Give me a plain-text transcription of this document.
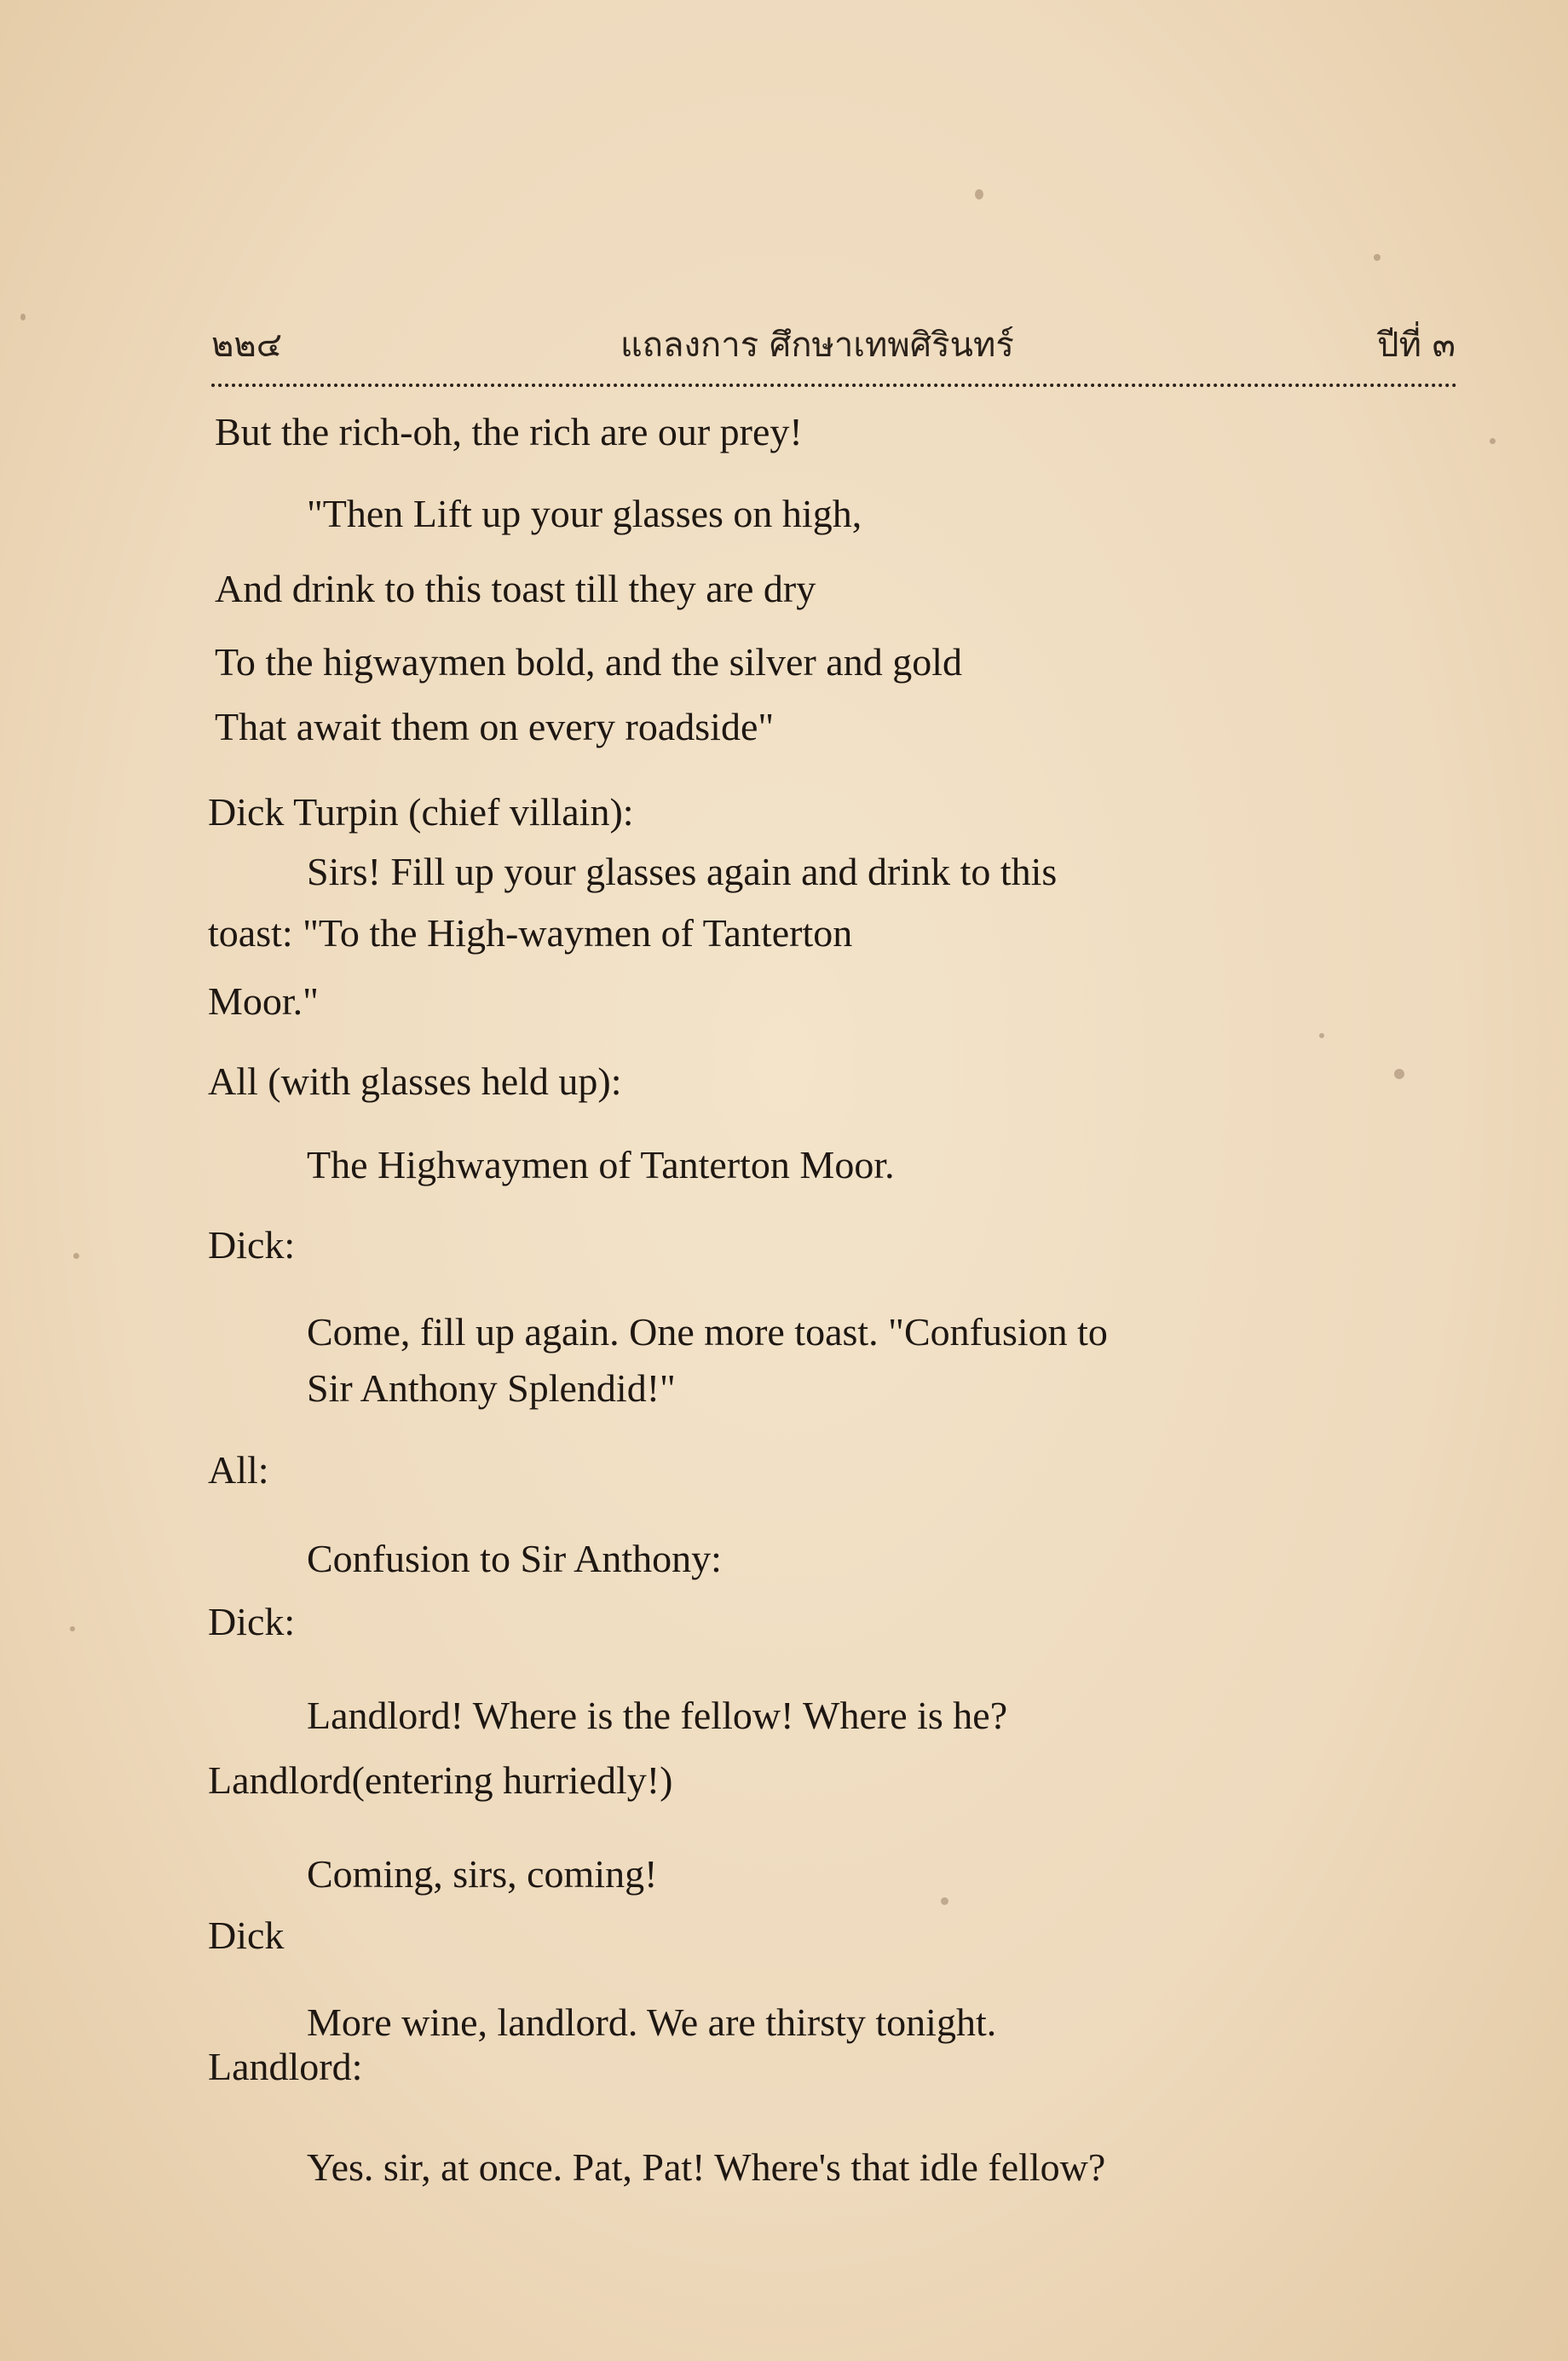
๒๒๔	แถลงการ ศึกษาเทพศิรินทร์	ปีที่ ๓
But the rich-oh, the rich are our prey!
"Then Lift up your glasses on high,
And drink to this toast till they are dry
To the higwaymen bold, and the silver and gold
That await them on every roadside"
Dick Turpin (chief villain):
Sirs! Fill up your glasses again and drink to this
toast: "To the High-waymen of Tanterton
Moor."
All (with glasses held up):
The Highwaymen of Tanterton Moor.
Dick:
Come, fill up again. One more toast. "Confusion to
Sir Anthony Splendid!"
All:
Confusion to Sir Anthony:
Dick:
Landlord! Where is the fellow! Where is he?
Landlord(entering hurriedly!)
Coming, sirs, coming!
Dick
More wine, landlord. We are thirsty tonight.
Landlord:
Yes. sir, at once. Pat, Pat! Where's that idle fellow?
